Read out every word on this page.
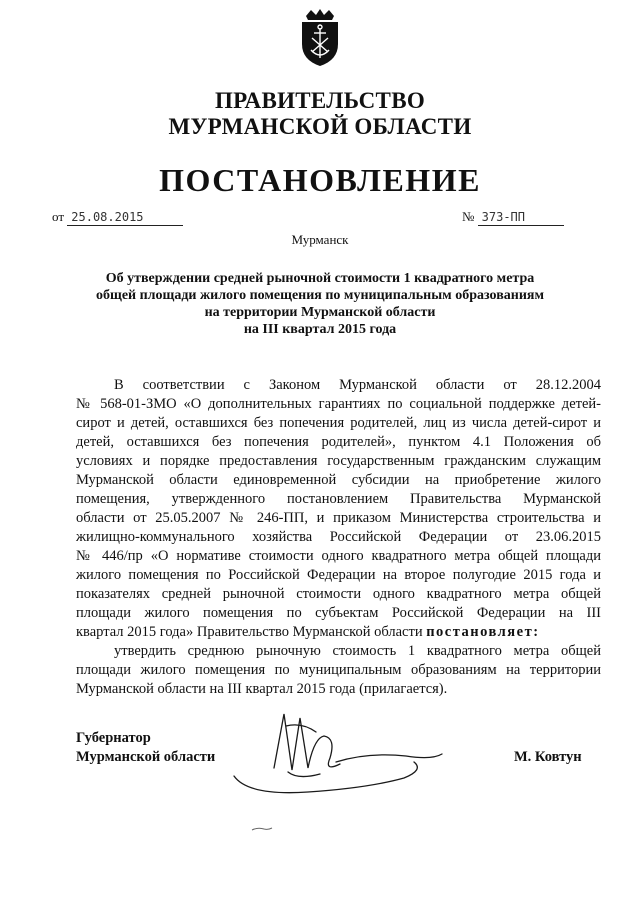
ПРАВИТЕЛЬСТВО
МУРМАНСКОЙ ОБЛАСТИ
ПОСТАНОВЛЕНИЕ
от 25.08.2015	№ 373-ПП
Мурманск
Об утверждении средней рыночной стоимости 1 квадратного метра
общей площади жилого помещения по муниципальным образованиям
на территории Мурманской области
на III квартал 2015 года
В соответствии с Законом Мурманской области от 28.12.2004
№ 568-01-ЗМО «О дополнительных гарантиях по социальной поддержке детей-
сирот и детей, оставшихся без попечения родителей, лиц из числа детей-сирот и
детей, оставшихся без попечения родителей», пунктом 4.1 Положения об
условиях и порядке предоставления государственным гражданским служащим
Мурманской области единовременной субсидии на приобретение жилого
помещения, утвержденного постановлением Правительства Мурманской
области от 25.05.2007 № 246-ПП, и приказом Министерства строительства и
жилищно-коммунального хозяйства Российской Федерации от 23.06.2015
№ 446/пр «О нормативе стоимости одного квадратного метра общей площади
жилого помещения по Российской Федерации на второе полугодие 2015 года и
показателях средней рыночной стоимости одного квадратного метра общей
площади жилого помещения по субъектам Российской Федерации на III
квартал 2015 года» Правительство Мурманской области постановляет:
утвердить среднюю рыночную стоимость 1 квадратного метра общей
площади жилого помещения по муниципальным образованиям на территории
Мурманской области на III квартал 2015 года (прилагается).
Губернатор
Мурманской области	М. Ковтун
